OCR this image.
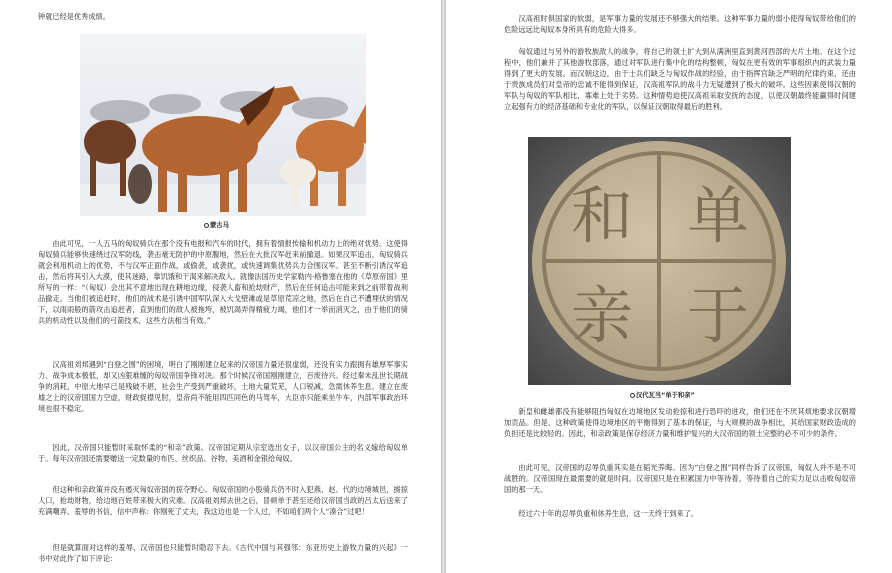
钟就已经是优秀成绩。

蒙古马

由此可见，一人五马的匈奴骑兵在那个没有电报和汽车的时代，拥有着情报传输和机动力上的绝对优势。这使得匈奴骑兵能够快速绕过汉军防线，袭击毫无防护的中原腹地，然后在大批汉军赶来前撤退。如果汉军追击，匈奴骑兵就会利用机动上的优势，不与汉军正面作战，或偷袭，或袭扰，或快速调集优势兵力合围汉军。甚至不断引诱汉军追击，然后将其引入大漠，使其迷路，靠饥饿和干渴来解决敌人。就像法国历史学家勒内·格鲁塞在他的《草原帝国》里所写的一样：“（匈奴）会出其不意地出现在耕地边缘，侵袭人畜和抢劫财产，然后在任何追击可能来到之前带着战利品撤走。当他们被追赶时，他们的战术是引诱中国军队深入大戈壁滩或是草原荒凉之地，然后在自己不遭埋伏的情况下，以雨雨般的箭攻击追赶者，直到他们的敌人被拖垮，被饥渴弄得精疲力竭，他们才一举而消灭之，由于他们的骑兵的机动性以及他们的弓箭技术，这些方法相当有效。”

汉高祖刘邦遇到“白登之围”的困境，明白了刚刚建立起来的汉帝国力量还很虚弱，还没有实力跟拥有雄厚军事实力、战争成本极低，却又凶狠难缠的匈奴帝国争锋对决。那个时候汉帝国刚刚建立，百废待兴。经过秦末乱世长期战争的消耗，中原大地早已是残破不堪，社会生产受到严重破坏，土地大量荒芜，人口锐减，急需休养生息。建立在废墟之上的汉帝国国力空虚，财政捉襟见肘，皇帝尚不能用四匹同色的马驾车，大臣亦只能乘坐牛车，内部军事政治环境也很不稳定。

因此，汉帝国只能暂时采取怀柔的“和亲”政策。汉帝国定期从宗室选出女子，以汉帝国公主的名义嫁给匈奴单于。每年汉帝国还需要赠送一定数量的布匹、丝织品、谷物、美酒和金银给匈奴。

但这种和亲政策并没有遏灭匈奴帝国的掠夺野心。匈奴帝国的小股骑兵仍不时入犯燕、赵、代的边境城邑，掳掠人口，抢劫财物，给边地百姓带来极大的灾难。汉高祖刘邦去世之后，冒顿单于甚至还给汉帝国当政的吕太后送来了充满嘲弄、羞辱的书信，信中声称：你刚死了丈夫，我这边也是一个人过，不如咱们两个人“凑合”过吧！

但是就算面对这样的羞辱，汉帝国也只能暂时隐忍下去。《古代中国与其强邻：东亚历史上游牧力量的兴起》一书中对此作了如下评论：

汉高祖时俱国家的软弱，是军事力量的发展还不够强大的结果。这种军事力量的弱小使得匈奴带给他们的危险远远比匈奴本身所具有的危险大得多。

匈奴通过与另外的游牧族敌人的战争，将自己的领土扩大到从满洲里直到黄河西部的大片土地。在这个过程中，他们兼并了其他游牧部落，通过对军队进行集中化的结构整顿，匈奴在更有效的军事组织内的武装力量得到了更大的发展。而汉朝这边，由于士兵们缺乏与匈奴作战的经验，由于指挥官缺乏严明的纪律约束，还由于贵族成员们对皇帝的忠诚不能得到保证，汉高祖军队的战斗力无疑遭到了极大的破坏。这些因素使得汉朝的军队与匈奴的军队相比，寡难上处于劣势。这种情势迫使汉高祖采取安抚的态度，以使汉朝最终能赢得时间建立起强有力的经济基础和专业化的军队，以保证汉朝取得最后的胜利。

单
于
和
亲
汉代瓦当“单于和亲”

新皇和雌雄都没有能够阻挡匈奴在边境地区发动抢掠和进行恐吓的进攻，他们还在不厌其烦地要求汉朝增加贡品。但是，这种政策使得边境地区的平衡得到了基本的保证，与大规模的战争相比，其给国家财政造成的负担还是比较轻的。因此，和亲政策是保存经济力量和维护复兴的大汉帝国的领土完整的必不可少的条件。

由此可见，汉帝国的忍辱负重其实是在韬光养晦。因为“白登之围”同样告诉了汉帝国，匈奴人并不是不可战胜的。汉帝国现在最需要的就是时间。汉帝国只是在积累国力中等待着，等待着自己的实力足以击败匈奴帝国的那一天。

经过六十年的忍辱负重和休养生息，这一天终于到来了。
